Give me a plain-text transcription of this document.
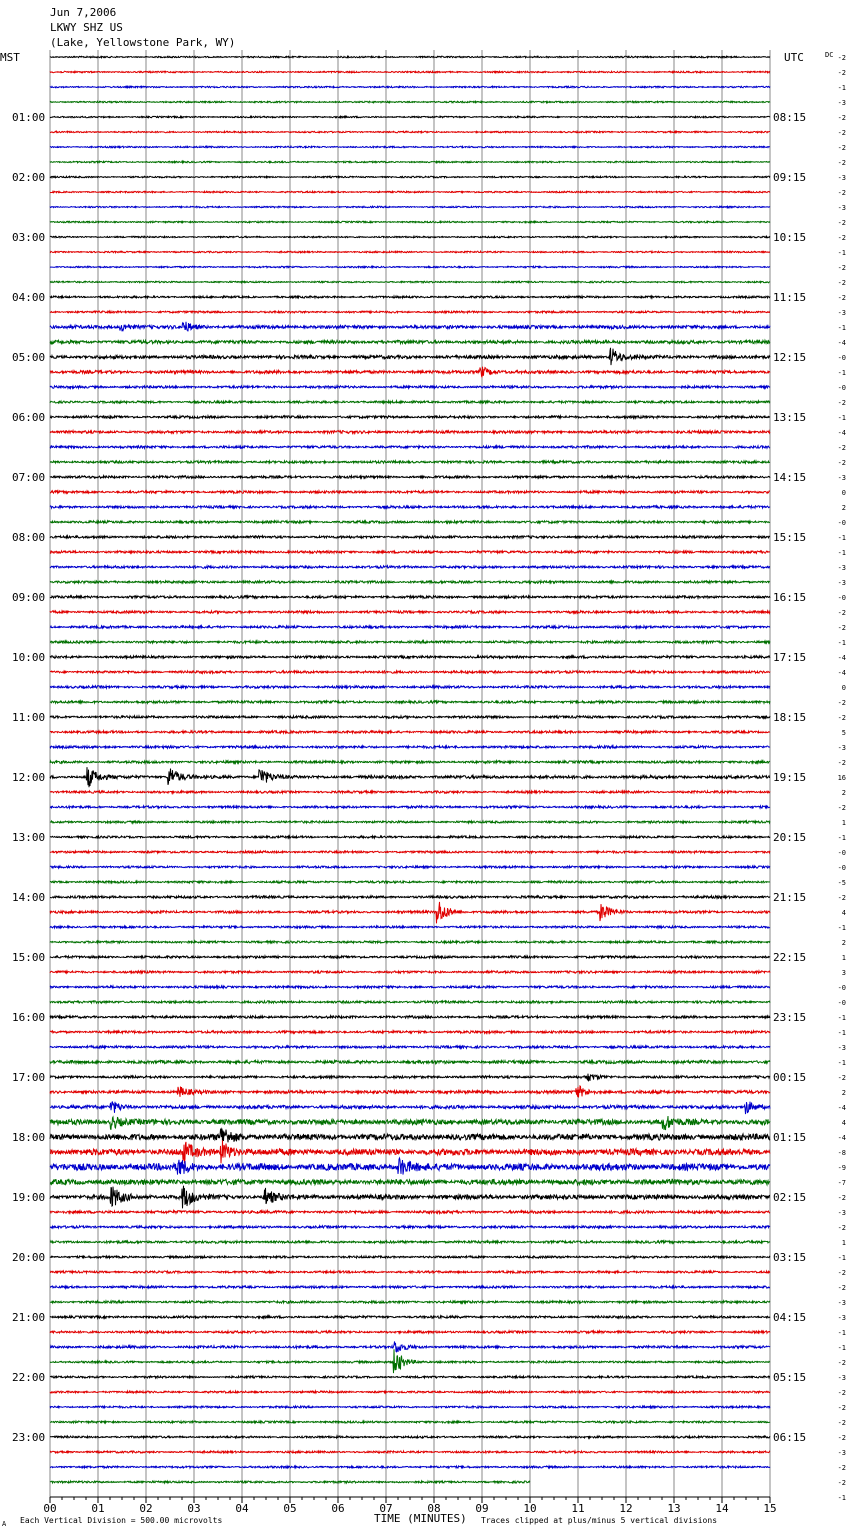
Jun 7,2006
LKWY SHZ US
(Lake, Yellowstone Park, WY)
MST	UTC	DC
01:00
02:00
03:00
04:00
05:00
06:00
07:00
08:00
09:00
10:00
11:00
12:00
13:00
14:00
15:00
16:00
17:00
18:00
19:00
20:00
21:00
22:00
23:00
08:15
09:15
10:15
11:15
12:15
13:15
14:15
15:15
16:15
17:15
18:15
19:15
20:15
21:15
22:15
23:15
00:15
01:15
02:15
03:15
04:15
05:15
06:15
-2
-2
-1
-3
-2
-2
-2
-2
-3
-2
-3
-2
-2
-1
-2
-2
-2
-3
-1
-4
-0
-1
-0
-2
-1
-4
-2
-2
-3
0
2
-0
-1
-1
-3
-3
-0
-2
-2
-1
-4
-4
0
-2
-2
5
-3
-2
16
2
-2
1
-1
-0
-0
-5
-2
4
-1
2
1
3
-0
-0
-1
-1
-3
-1
-2
2
-4
4
-4
-8
-9
-7
-2
-3
-2
1
-1
-2
-2
-3
-3
-1
-1
-2
-3
-2
-2
-2
-2
-3
-2
-2
-1
00	01	02	03	04	05	06	07	08	09	10	11	12	13	14	15
TIME (MINUTES)
A Each Vertical Division = 500.00 microvolts	Traces clipped at plus/minus 5 vertical divisions
